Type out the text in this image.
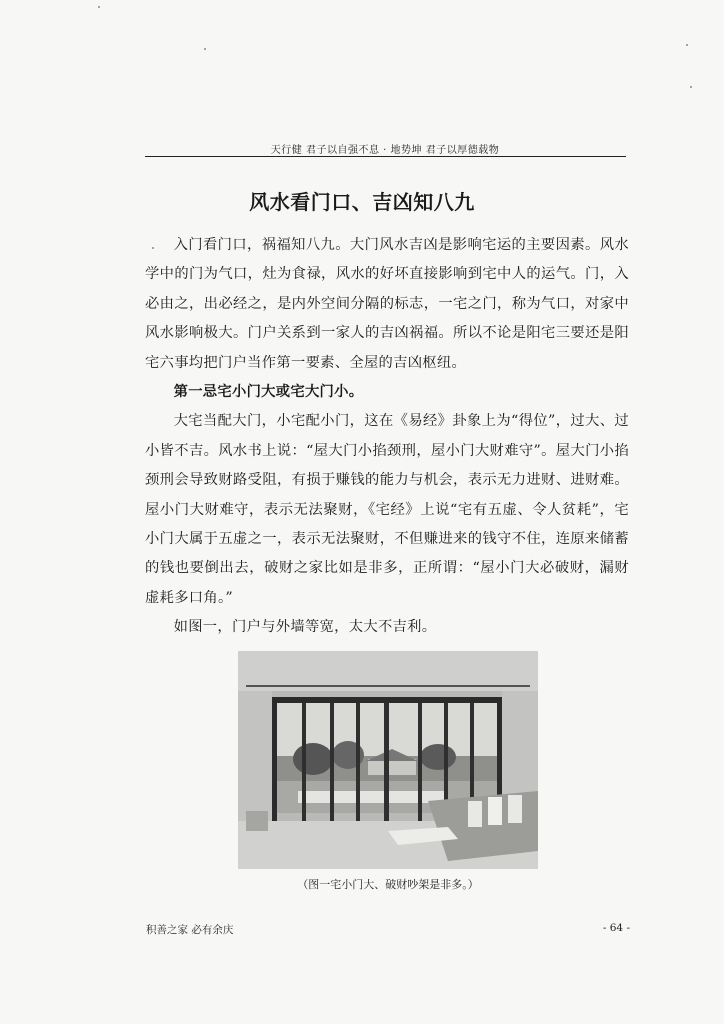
天行健 君子以自强不息 · 地势坤 君子以厚德载物
风水看门口、吉凶知八九

入门看门口，祸福知八九。大门风水吉凶是影响宅运的主要因素。风水学中的门为气口，灶为食禄，风水的好坏直接影响到宅中人的运气。门，入必由之，出必经之，是内外空间分隔的标志，一宅之门，称为气口，对家中风水影响极大。门户关系到一家人的吉凶祸福。所以不论是阳宅三要还是阳宅六事均把门户当作第一要素、全屋的吉凶枢纽。

第一忌宅小门大或宅大门小。

大宅当配大门，小宅配小门，这在《易经》卦象上为“得位”，过大、过小皆不吉。风水书上说：“屋大门小掐颈刑，屋小门大财难守”。屋大门小掐颈刑会导致财路受阻，有损于赚钱的能力与机会，表示无力进财、进财难。屋小门大财难守，表示无法聚财，《宅经》上说“宅有五虚、令人贫耗”，宅小门大属于五虚之一，表示无法聚财，不但赚进来的钱守不住，连原来储蓄的钱也要倒出去，破财之家比如是非多，正所谓：“屋小门大必破财，漏财虚耗多口角。”

如图一，门户与外墙等宽，太大不吉利。

（图一宅小门大、破财吵架是非多。）
积善之家 必有余庆	- 64 -
